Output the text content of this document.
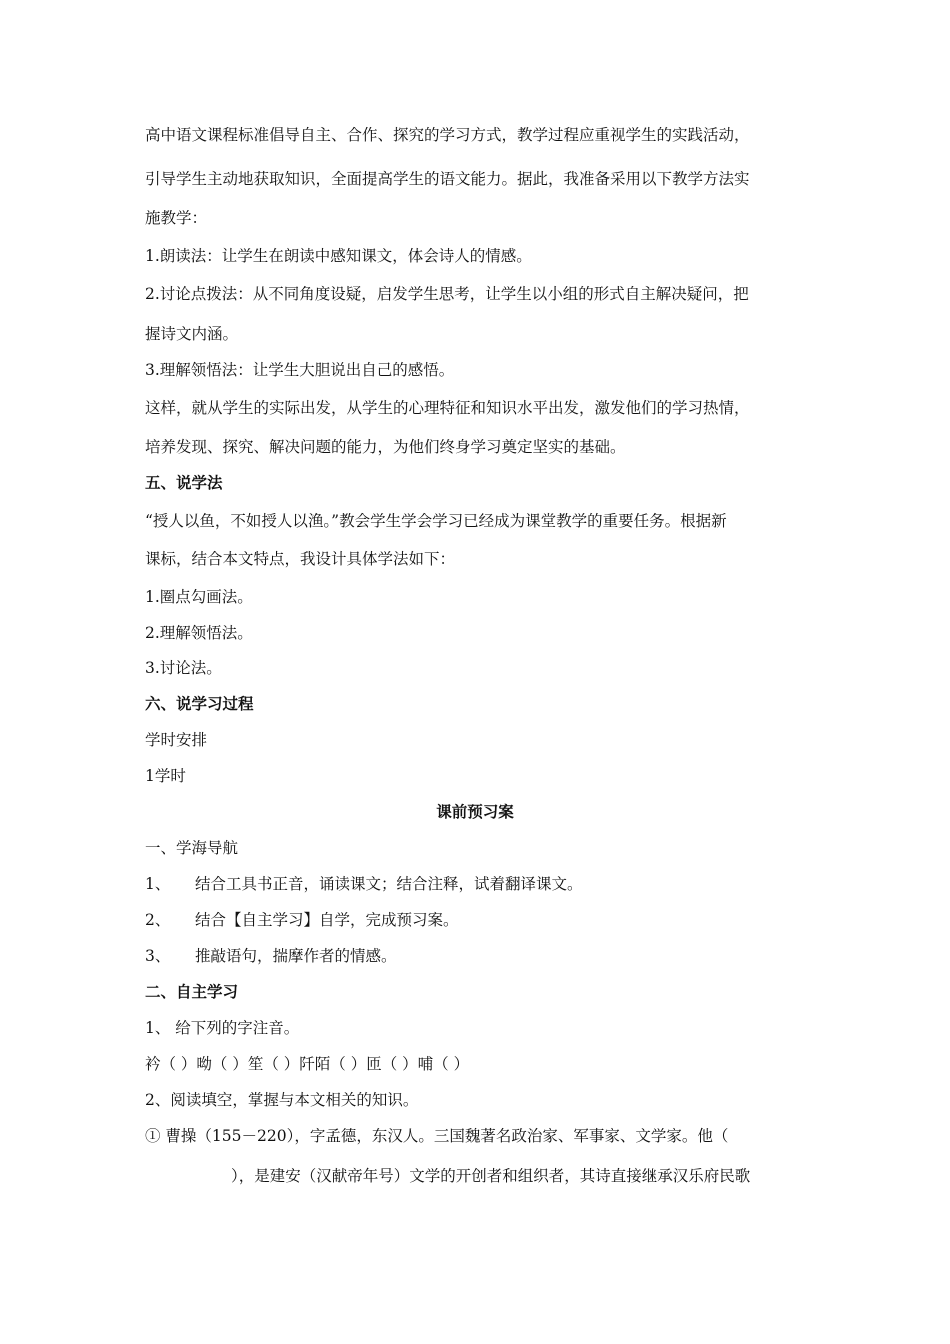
高中语文课程标准倡导自主、合作、探究的学习方式，教学过程应重视学生的实践活动，
引导学生主动地获取知识，全面提高学生的语文能力。据此，我准备采用以下教学方法实
施教学：
1.朗读法：让学生在朗读中感知课文，体会诗人的情感。
2.讨论点拨法：从不同角度设疑，启发学生思考，让学生以小组的形式自主解决疑问，把
握诗文内涵。
3.理解领悟法：让学生大胆说出自己的感悟。
这样，就从学生的实际出发，从学生的心理特征和知识水平出发，激发他们的学习热情，
培养发现、探究、解决问题的能力，为他们终身学习奠定坚实的基础。
五、说学法
“授人以鱼，不如授人以渔。”教会学生学会学习已经成为课堂教学的重要任务。根据新
课标，结合本文特点，我设计具体学法如下：
1.圈点勾画法。
2.理解领悟法。
3.讨论法。
六、说学习过程
学时安排
1学时
课前预习案
一、学海导航
1、 结合工具书正音，诵读课文；结合注释，试着翻译课文。
2、 结合【自主学习】自学，完成预习案。
3、 推敲语句，揣摩作者的情感。
二、自主学习
1、 给下列的字注音。
衿（ ）呦（ ）笙（ ）阡陌（ ）匝（ ）哺（ ）
2、阅读填空，掌握与本文相关的知识。
① 曹操（155－220），字孟德，东汉人。三国魏著名政治家、军事家、文学家。他（
），是建安（汉献帝年号）文学的开创者和组织者，其诗直接继承汉乐府民歌
